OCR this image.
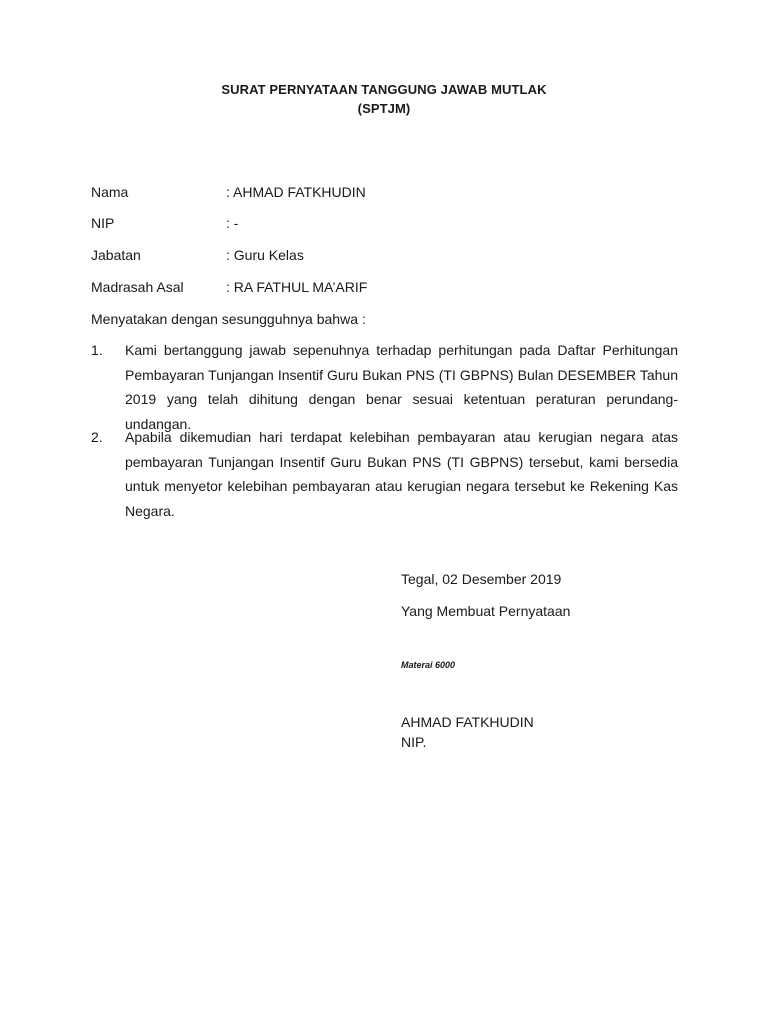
SURAT PERNYATAAN TANGGUNG JAWAB MUTLAK
(SPTJM)
Nama	: AHMAD FATKHUDIN
NIP	: -
Jabatan	: Guru Kelas
Madrasah Asal	: RA FATHUL MA’ARIF
Menyatakan dengan sesungguhnya bahwa :
1. Kami bertanggung jawab sepenuhnya terhadap perhitungan pada Daftar Perhitungan Pembayaran Tunjangan Insentif Guru Bukan PNS (TI GBPNS) Bulan DESEMBER Tahun 2019 yang telah dihitung dengan benar sesuai ketentuan peraturan perundang-undangan.
2. Apabila dikemudian hari terdapat kelebihan pembayaran atau kerugian negara atas pembayaran Tunjangan Insentif Guru Bukan PNS (TI GBPNS) tersebut, kami bersedia untuk menyetor kelebihan pembayaran atau kerugian negara tersebut ke Rekening Kas Negara.
Tegal, 02 Desember 2019
Yang Membuat Pernyataan
Materai 6000
AHMAD FATKHUDIN
NIP.
